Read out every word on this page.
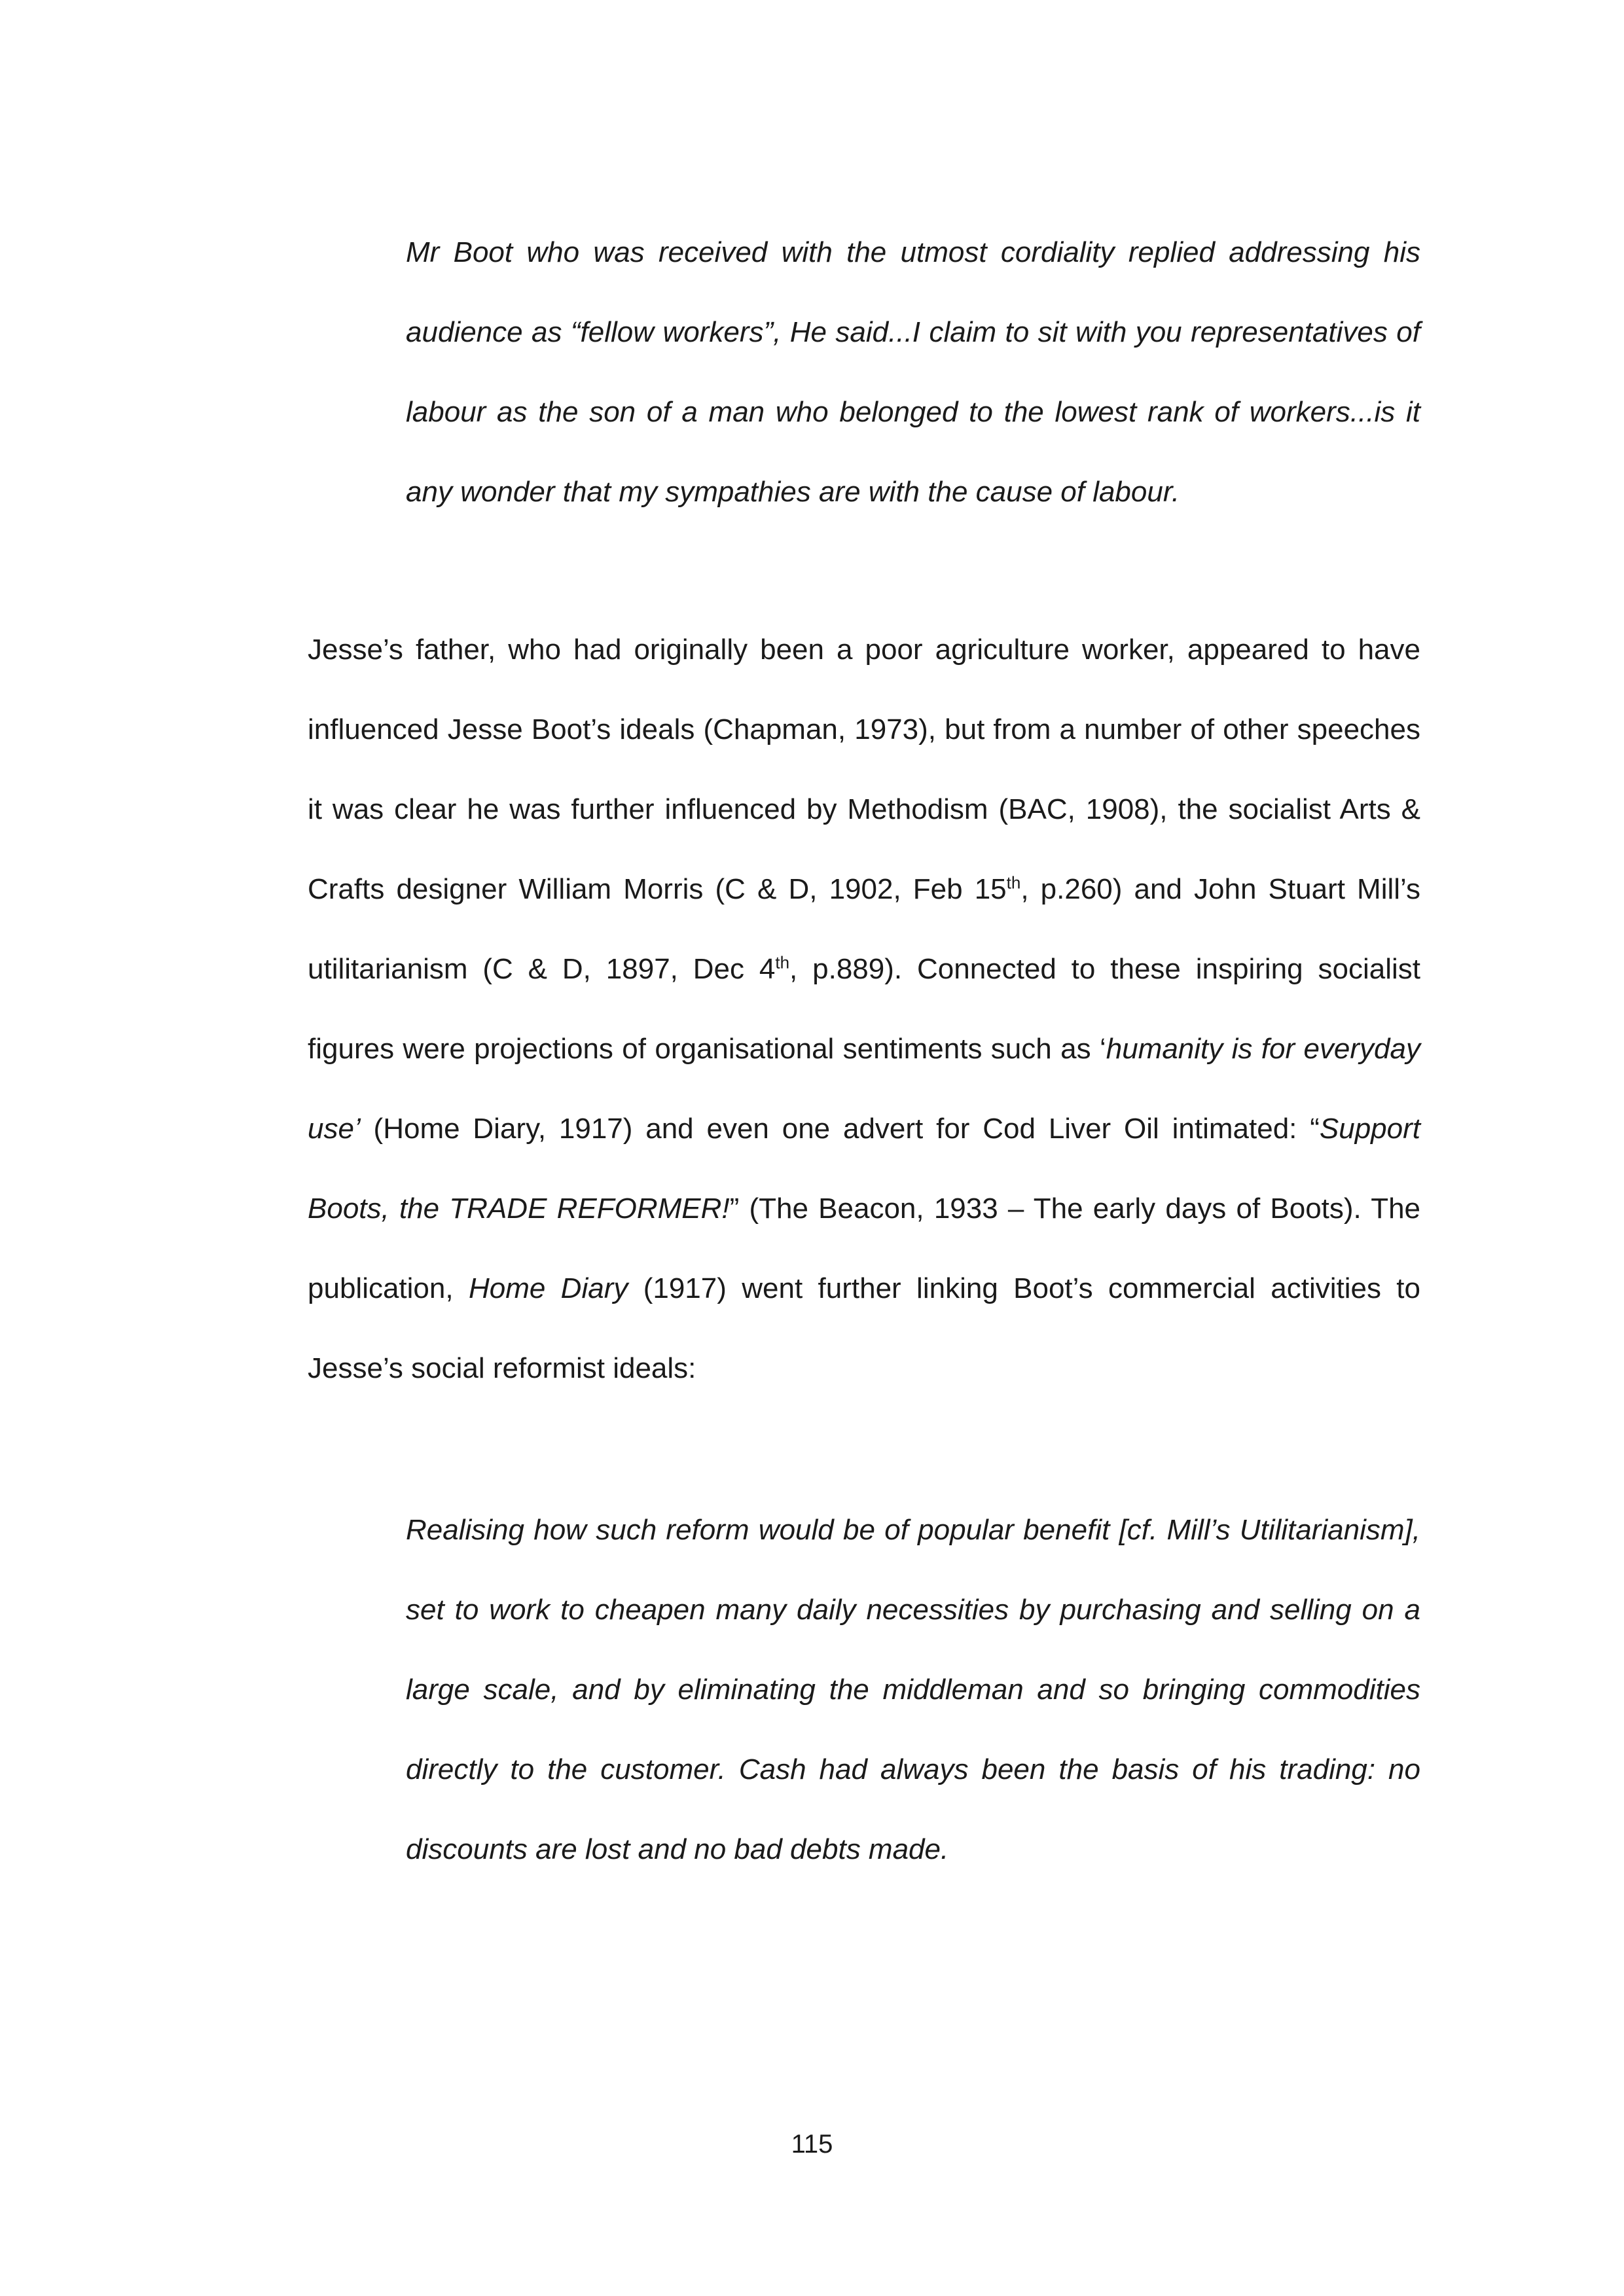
Mr Boot who was received with the utmost cordiality replied addressing his audience as “fellow workers”, He said...I claim to sit with you representatives of labour as the son of a man who belonged to the lowest rank of workers...is it any wonder that my sympathies are with the cause of labour.

Jesse’s father, who had originally been a poor agriculture worker, appeared to have influenced Jesse Boot’s ideals (Chapman, 1973), but from a number of other speeches it was clear he was further influenced by Methodism (BAC, 1908), the socialist Arts & Crafts designer William Morris (C & D, 1902, Feb 15th, p.260) and John Stuart Mill’s utilitarianism (C & D, 1897, Dec 4th, p.889). Connected to these inspiring socialist figures were projections of organisational sentiments such as ‘humanity is for everyday use’ (Home Diary, 1917) and even one advert for Cod Liver Oil intimated: “Support Boots, the TRADE REFORMER!” (The Beacon, 1933 – The early days of Boots). The publication, Home Diary (1917) went further linking Boot’s commercial activities to Jesse’s social reformist ideals:

Realising how such reform would be of popular benefit [cf. Mill’s Utilitarianism], set to work to cheapen many daily necessities by purchasing and selling on a large scale, and by eliminating the middleman and so bringing commodities directly to the customer. Cash had always been the basis of his trading: no discounts are lost and no bad debts made.

115
